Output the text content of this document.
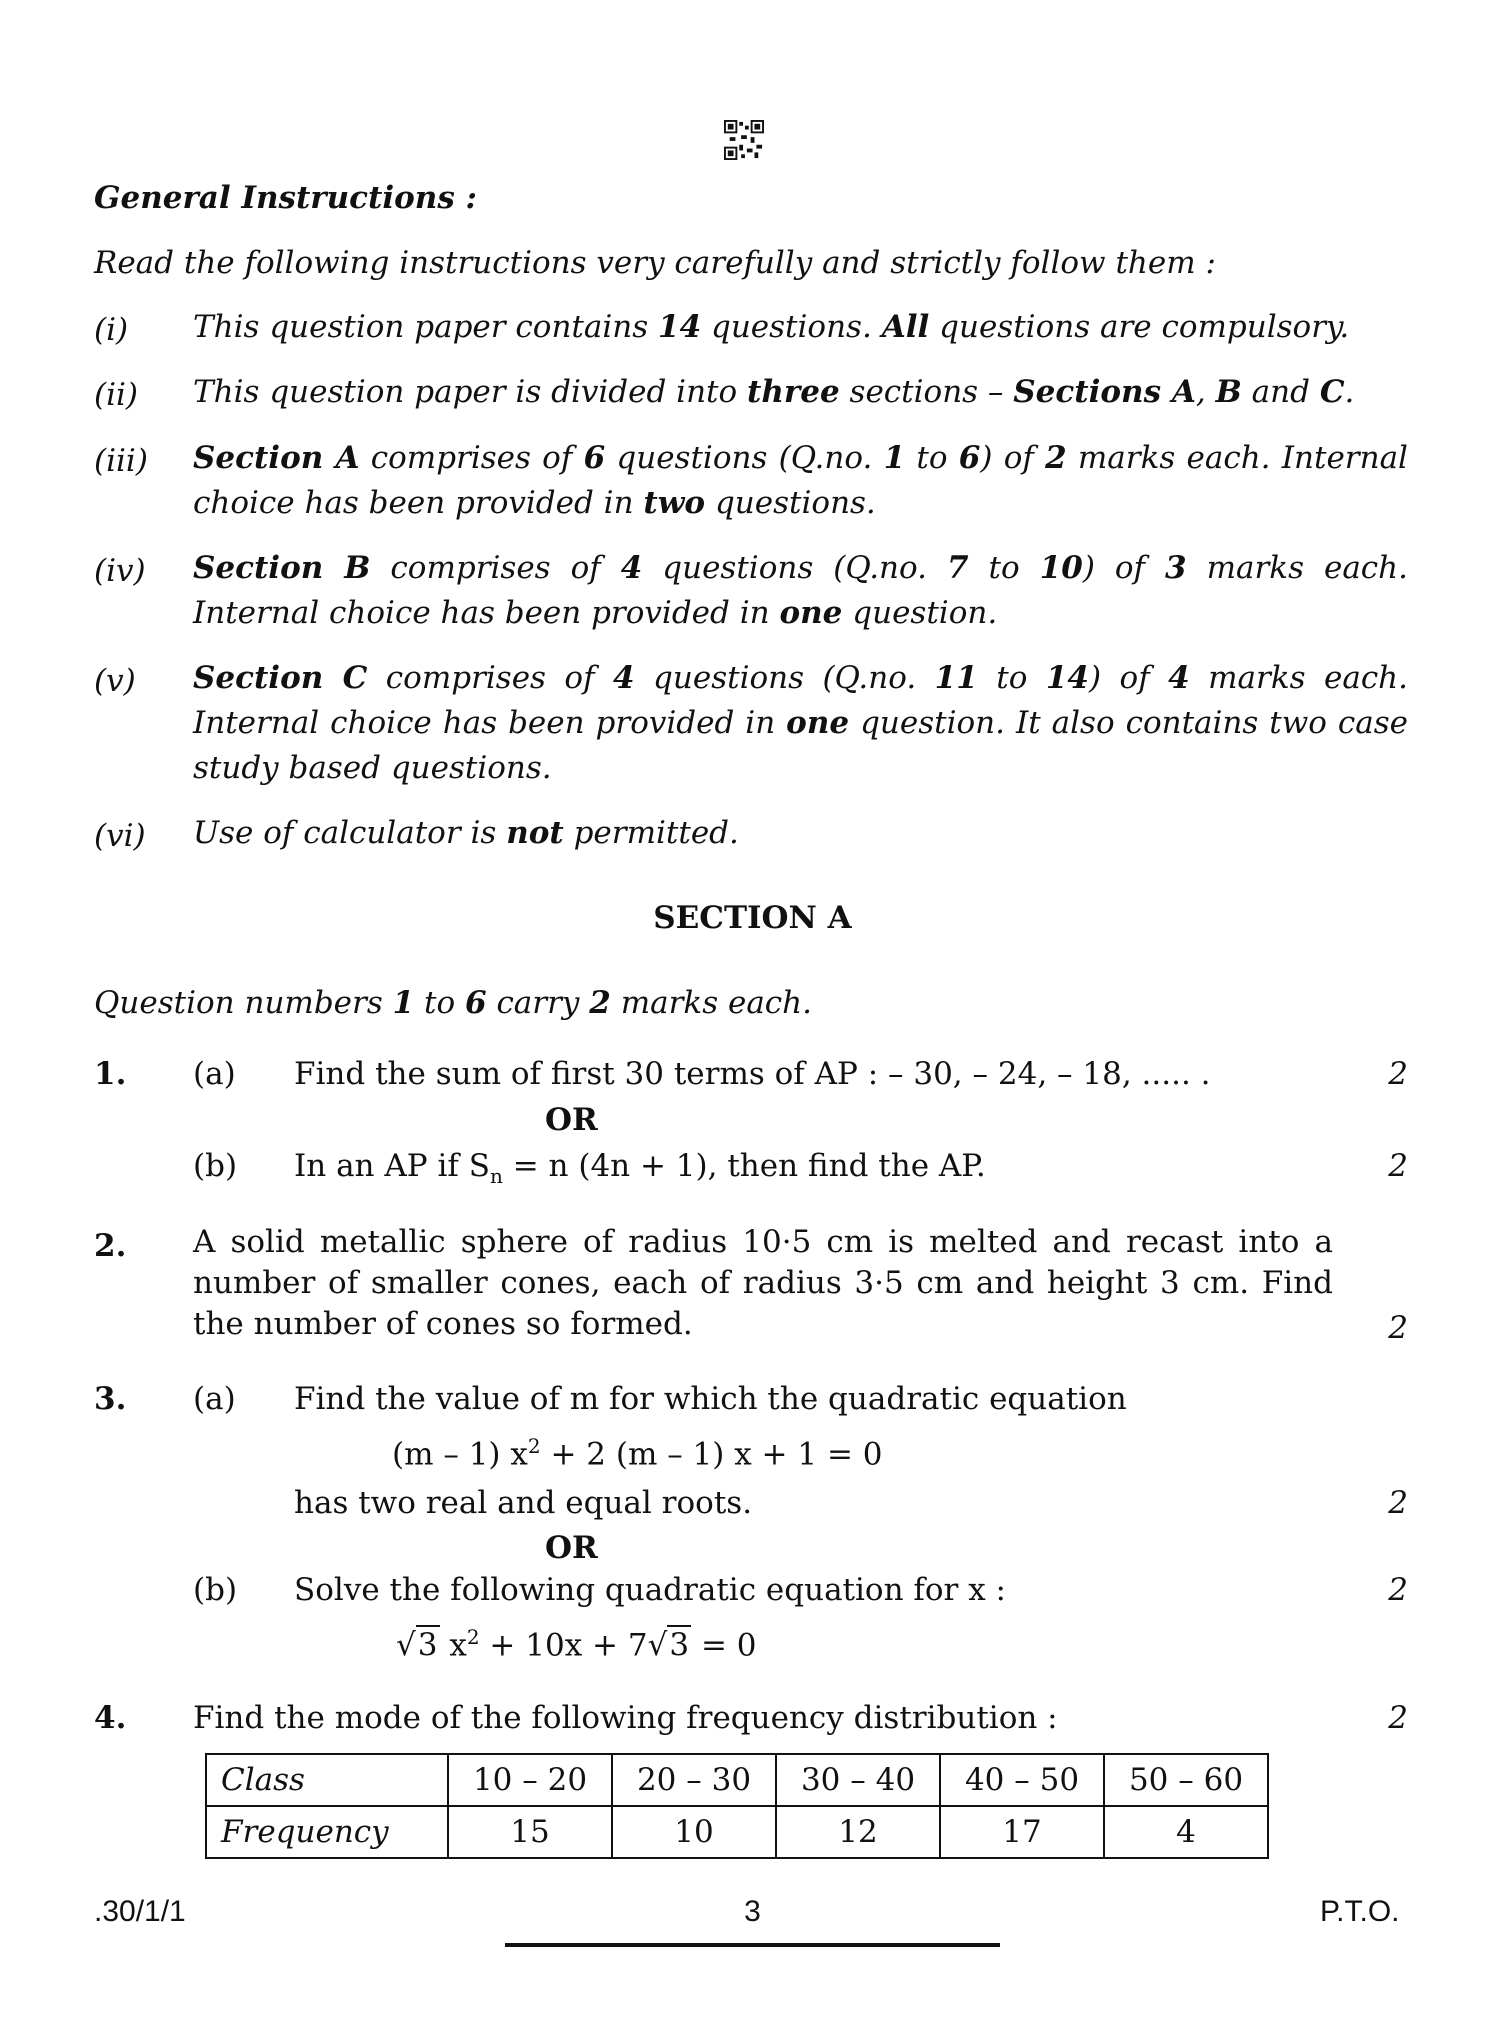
General Instructions :
Read the following instructions very carefully and strictly follow them :
(i) This question paper contains 14 questions. All questions are compulsory.
(ii) This question paper is divided into three sections – Sections A, B and C.
(iii) Section A comprises of 6 questions (Q.no. 1 to 6) of 2 marks each. Internal choice has been provided in two questions.
(iv) Section B comprises of 4 questions (Q.no. 7 to 10) of 3 marks each. Internal choice has been provided in one question.
(v) Section C comprises of 4 questions (Q.no. 11 to 14) of 4 marks each. Internal choice has been provided in one question. It also contains two case study based questions.
(vi) Use of calculator is not permitted.
SECTION A
Question numbers 1 to 6 carry 2 marks each.
1. (a) Find the sum of first 30 terms of AP : – 30, – 24, – 18, ..... .	2
OR
(b) In an AP if $S_n = n$ (4n + 1), then find the AP.	2
2. A solid metallic sphere of radius 10·5 cm is melted and recast into a number of smaller cones, each of radius 3·5 cm and height 3 cm. Find the number of cones so formed.	2
3. (a) Find the value of m for which the quadratic equation
(m – 1) $x^2 + 2$ (m – 1) x + 1 = 0
has two real and equal roots.	2
OR
(b) Solve the following quadratic equation for x :	2
√3 $x^2 + 10x + 7√3 = 0$
4. Find the mode of the following frequency distribution :	2
Class	10 – 20	20 – 30	30 – 40	40 – 50	50 – 60
Frequency	15	10	12	17	4
.30/1/1	3	P.T.O.
